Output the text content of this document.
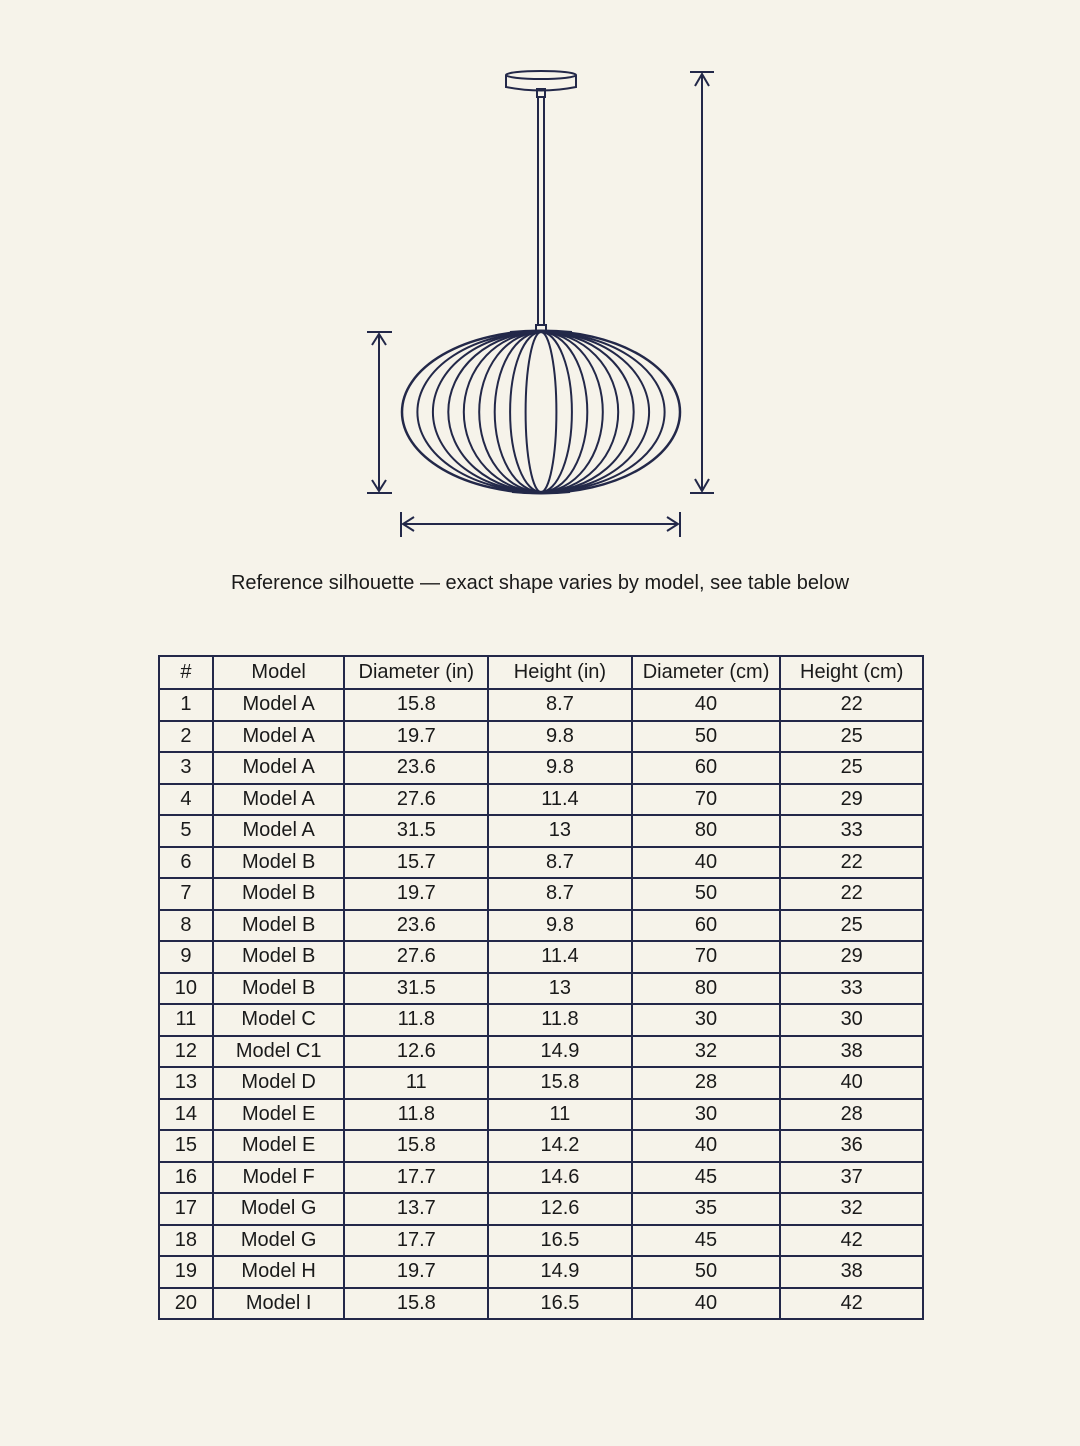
Reference silhouette — exact shape varies by model, see table below
#	Model	Diameter (in)	Height (in)	Diameter (cm)	Height (cm)
1	Model A	15.8	8.7	40	22
2	Model A	19.7	9.8	50	25
3	Model A	23.6	9.8	60	25
4	Model A	27.6	11.4	70	29
5	Model A	31.5	13	80	33
6	Model B	15.7	8.7	40	22
7	Model B	19.7	8.7	50	22
8	Model B	23.6	9.8	60	25
9	Model B	27.6	11.4	70	29
10	Model B	31.5	13	80	33
11	Model C	11.8	11.8	30	30
12	Model C1	12.6	14.9	32	38
13	Model D	11	15.8	28	40
14	Model E	11.8	11	30	28
15	Model E	15.8	14.2	40	36
16	Model F	17.7	14.6	45	37
17	Model G	13.7	12.6	35	32
18	Model G	17.7	16.5	45	42
19	Model H	19.7	14.9	50	38
20	Model I	15.8	16.5	40	42
